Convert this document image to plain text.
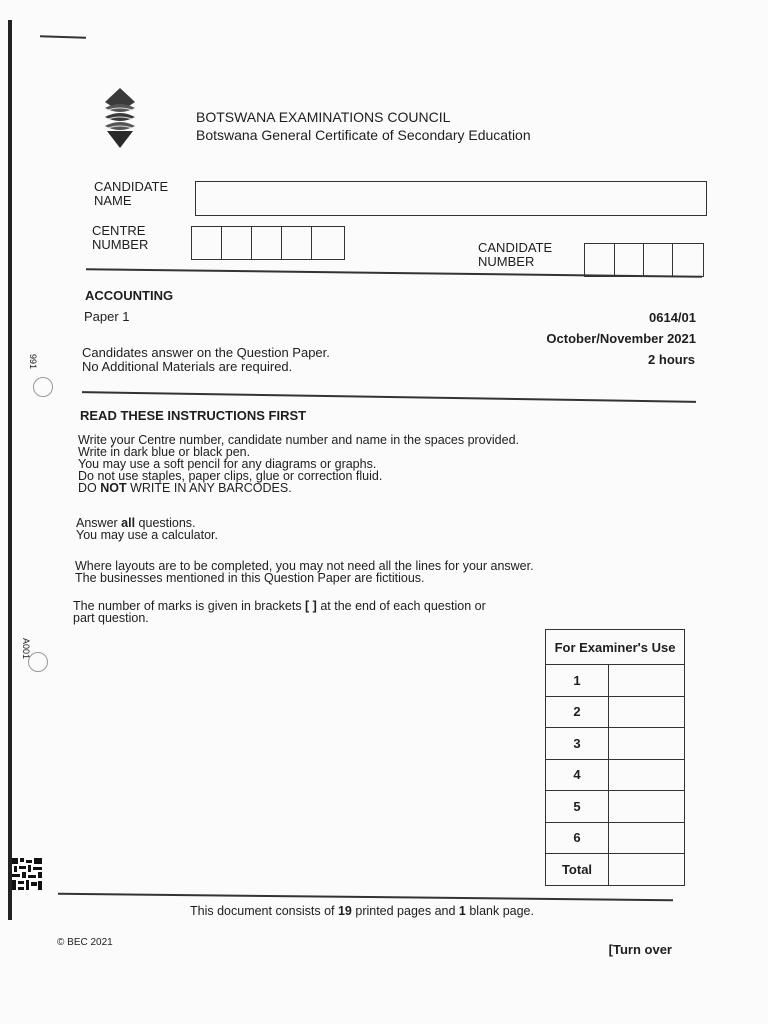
BOTSWANA EXAMINATIONS COUNCIL
Botswana General Certificate of Secondary Education
CANDIDATE
NAME
CENTRE
NUMBER	CANDIDATE
NUMBER
ACCOUNTING
Paper 1	0614/01
October/November 2021
2 hours
Candidates answer on the Question Paper.
No Additional Materials are required.
READ THESE INSTRUCTIONS FIRST
Write your Centre number, candidate number and name in the spaces provided.
Write in dark blue or black pen.
You may use a soft pencil for any diagrams or graphs.
Do not use staples, paper clips, glue or correction fluid.
DO NOT WRITE IN ANY BARCODES.
Answer all questions.
You may use a calculator.
Where layouts are to be completed, you may not need all the lines for your answer.
The businesses mentioned in this Question Paper are fictitious.
The number of marks is given in brackets [ ] at the end of each question or
part question.
For Examiner's Use	
1	
2	
3	
4	
5	
6	
Total	
This document consists of 19 printed pages and 1 blank page.
© BEC 2021	[Turn over
991
A001
